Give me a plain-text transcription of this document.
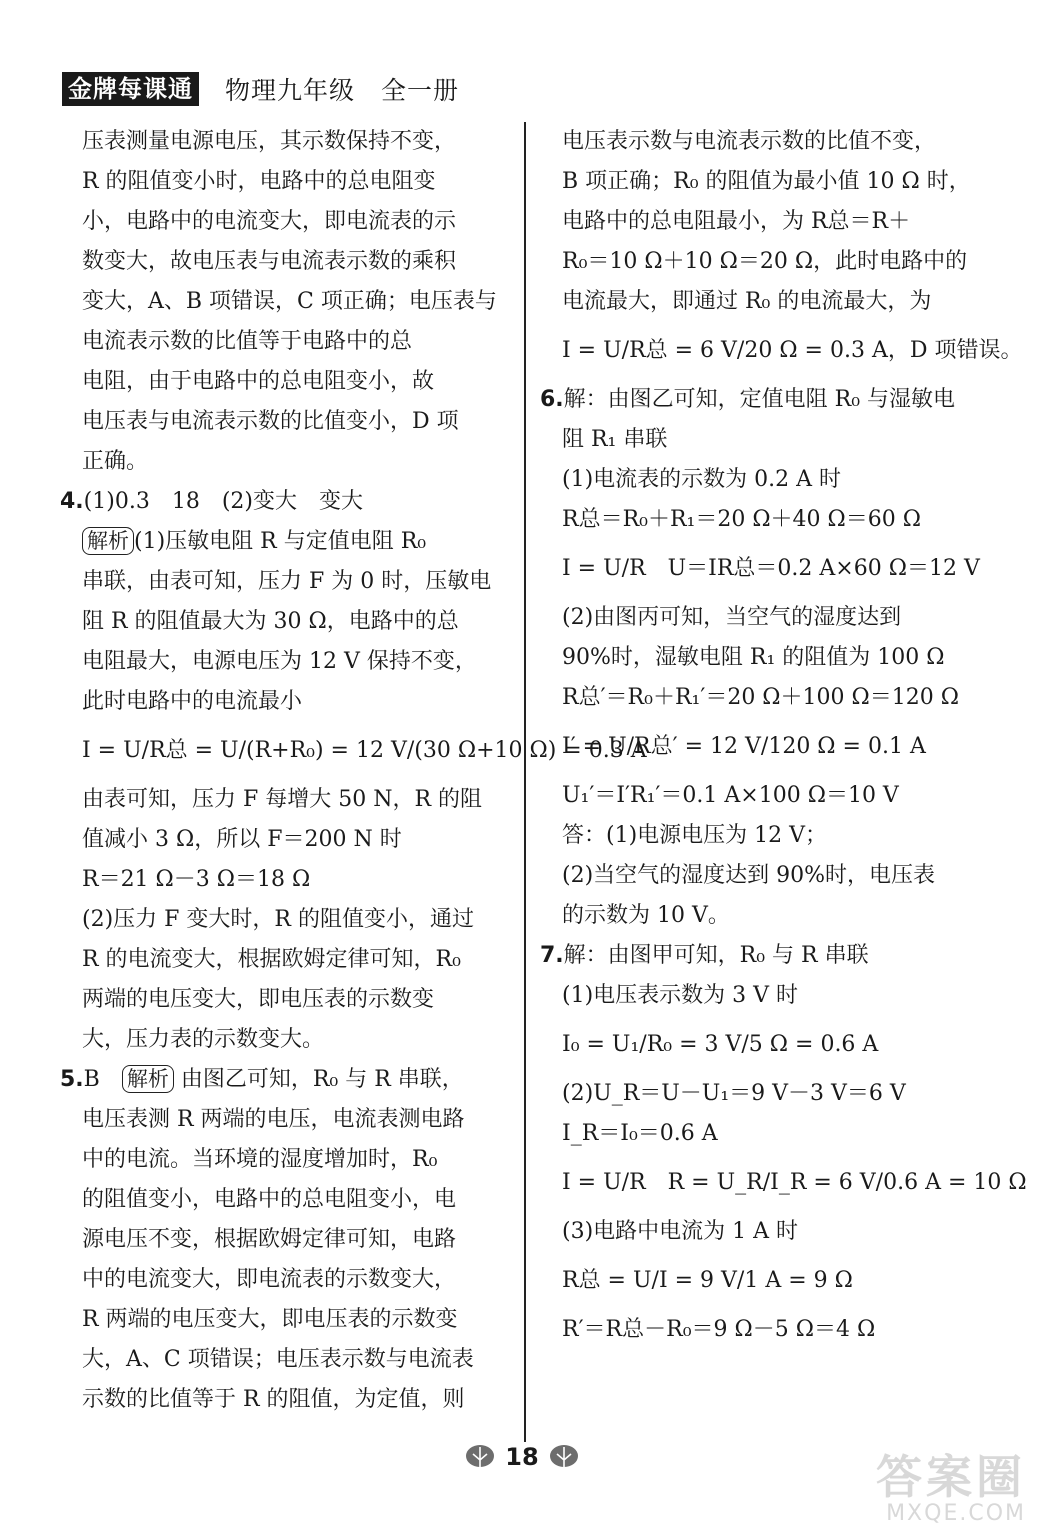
金牌每课通 物理九年级　全一册
压表测量电源电压，其示数保持不变，
R 的阻值变小时，电路中的总电阻变
小，电路中的电流变大，即电流表的示
数变大，故电压表与电流表示数的乘积
变大，A、B 项错误，C 项正确；电压表与
电流表示数的比值等于电路中的总
电阻，由于电路中的总电阻变小，故
电压表与电流表示数的比值变小，D 项
正确。
4.(1)0.3　18　(2)变大　变大
解析 (1)压敏电阻 R 与定值电阻 R₀
串联，由表可知，压力 F 为 0 时，压敏电
阻 R 的阻值最大为 30 Ω，电路中的总
电阻最大，电源电压为 12 V 保持不变，
此时电路中的电流最小
I = U/R总 = U/(R+R₀) = 12 V/(30 Ω+10 Ω) = 0.3 A
由表可知，压力 F 每增大 50 N，R 的阻
值减小 3 Ω，所以 F＝200 N 时
R＝21 Ω－3 Ω＝18 Ω
(2)压力 F 变大时，R 的阻值变小，通过
R 的电流变大，根据欧姆定律可知，R₀
两端的电压变大，即电压表的示数变
大，压力表的示数变大。
5.B　解析 由图乙可知，R₀ 与 R 串联，
电压表测 R 两端的电压，电流表测电路
中的电流。当环境的湿度增加时，R₀
的阻值变小，电路中的总电阻变小，电
源电压不变，根据欧姆定律可知，电路
中的电流变大，即电流表的示数变大，
R 两端的电压变大，即电压表的示数变
大，A、C 项错误；电压表示数与电流表
示数的比值等于 R 的阻值，为定值，则
电压表示数与电流表示数的比值不变，
B 项正确；R₀ 的阻值为最小值 10 Ω 时，
电路中的总电阻最小，为 R总＝R＋
R₀＝10 Ω＋10 Ω＝20 Ω，此时电路中的
电流最大，即通过 R₀ 的电流最大，为
I = U/R总 = 6 V/20 Ω = 0.3 A，D 项错误。
6.解：由图乙可知，定值电阻 R₀ 与湿敏电
阻 R₁ 串联
(1)电流表的示数为 0.2 A 时
R总＝R₀＋R₁＝20 Ω＋40 Ω＝60 Ω
I = U/R　U＝IR总＝0.2 A×60 Ω＝12 V
(2)由图丙可知，当空气的湿度达到
90%时，湿敏电阻 R₁ 的阻值为 100 Ω
R总′＝R₀＋R₁′＝20 Ω＋100 Ω＝120 Ω
I′ = U/R总′ = 12 V/120 Ω = 0.1 A
U₁′＝I′R₁′＝0.1 A×100 Ω＝10 V
答：(1)电源电压为 12 V；
(2)当空气的湿度达到 90%时，电压表
的示数为 10 V。
7.解：由图甲可知，R₀ 与 R 串联
(1)电压表示数为 3 V 时
I₀ = U₁/R₀ = 3 V/5 Ω = 0.6 A
(2)U_R＝U－U₁＝9 V－3 V＝6 V
I_R＝I₀＝0.6 A
I = U/R　R = U_R/I_R = 6 V/0.6 A = 10 Ω
(3)电路中电流为 1 A 时
R总 = U/I = 9 V/1 A = 9 Ω
R′＝R总－R₀＝9 Ω－5 Ω＝4 Ω
18	答案圈
MXQE.COM
